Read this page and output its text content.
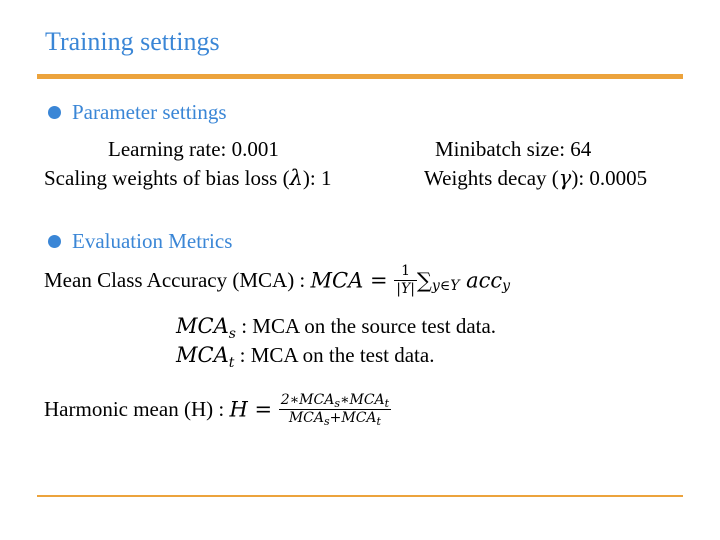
Training settings
Parameter settings
Learning rate: 0.001	Minibatch size: 64
Scaling weights of bias loss (λ): 1	Weights decay (γ): 0.0005
Evaluation Metrics
Mean Class Accuracy (MCA) : MCA = $\frac{1}{|Y|} \sum_{y\in Y}$ acc$_y$
$MCA_s$ : MCA on the source test data.
$MCA_t$ : MCA on the test data.
Harmonic mean (H) : $H = \frac{2∗MCA_s∗MCA_t}{MCA_s+MCA_t}$
